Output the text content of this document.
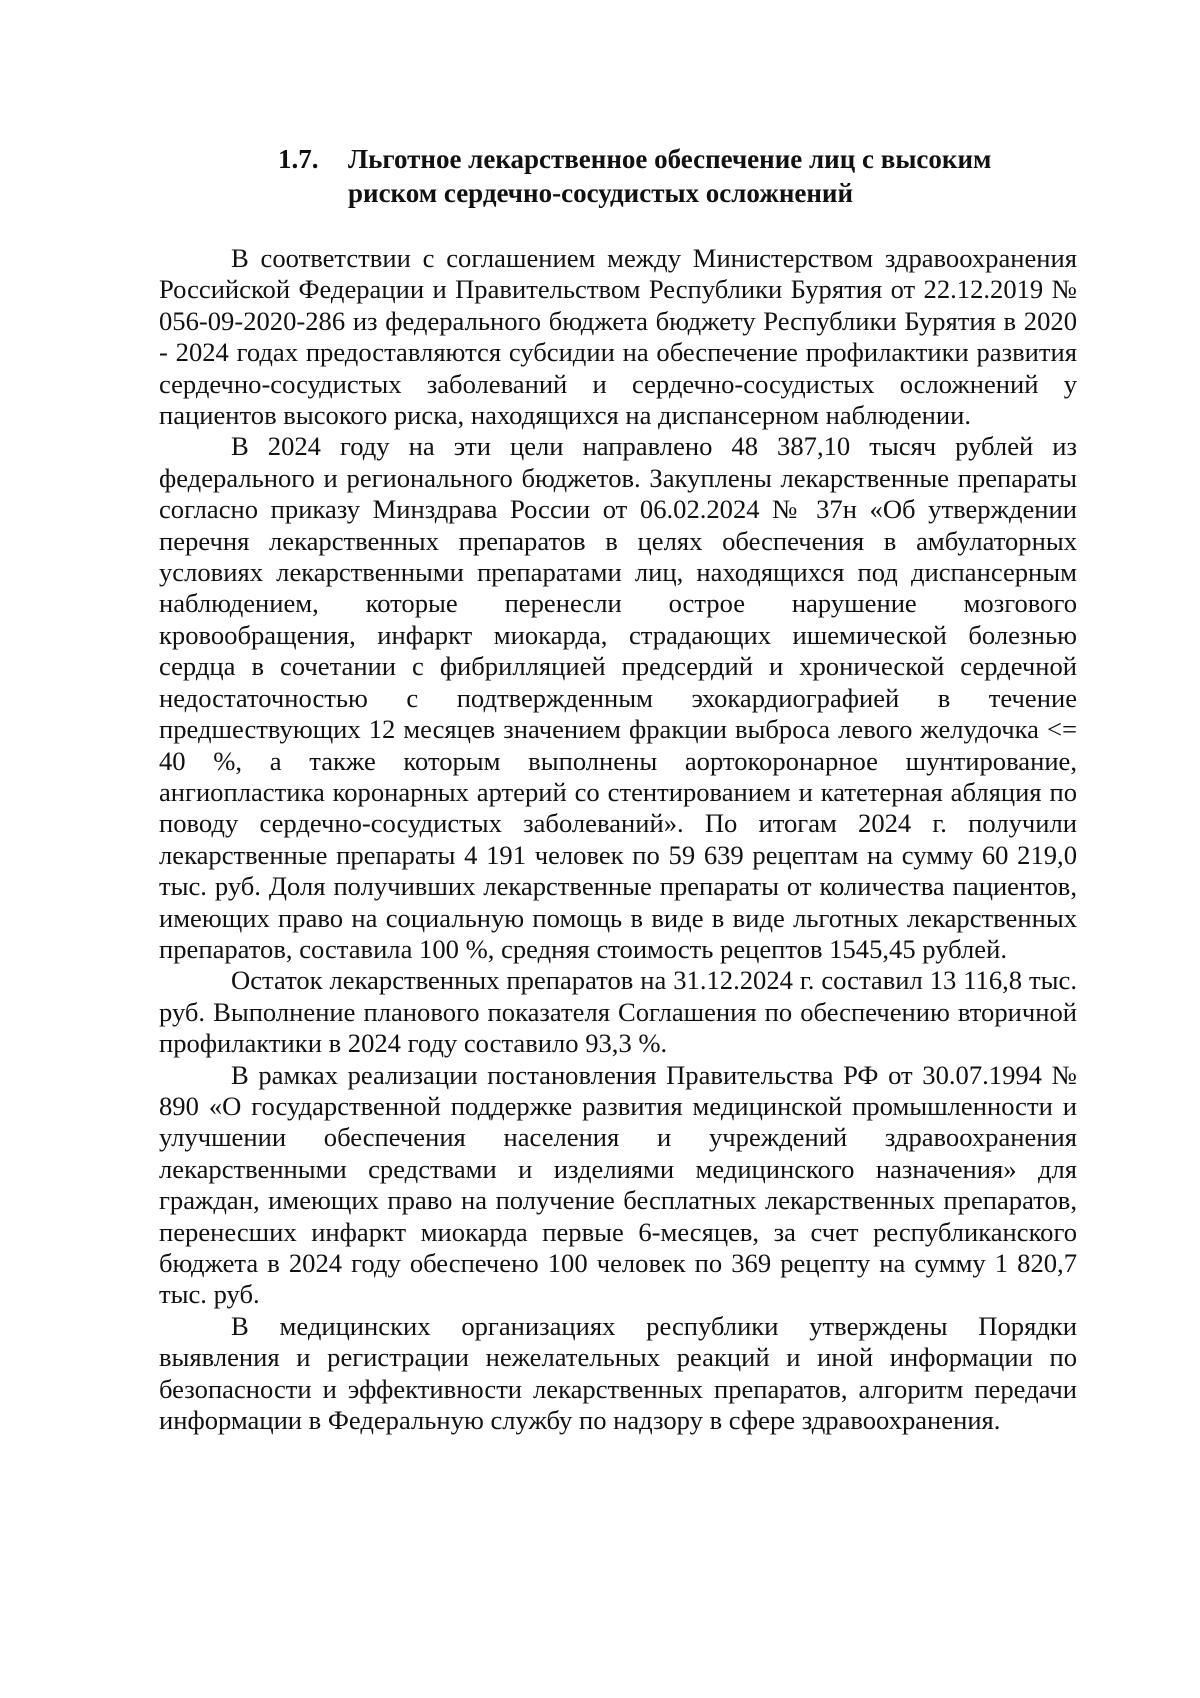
1.7.	Льготное лекарственное обеспечение лиц с высоким
риском сердечно-сосудистых осложнений

В соответствии с соглашением между Министерством здравоохранения Российской Федерации и Правительством Республики Бурятия от 22.12.2019 № 056-09-2020-286 из федерального бюджета бюджету Республики Бурятия в 2020 - 2024 годах предоставляются субсидии на обеспечение профилактики развития сердечно-сосудистых заболеваний и сердечно-сосудистых осложнений у пациентов высокого риска, находящихся на диспансерном наблюдении.

В 2024 году на эти цели направлено 48 387,10 тысяч рублей из федерального и регионального бюджетов. Закуплены лекарственные препараты согласно приказу Минздрава России от 06.02.2024 № 37н «Об утверждении перечня лекарственных препаратов в целях обеспечения в амбулаторных условиях лекарственными препаратами лиц, находящихся под диспансерным наблюдением, которые перенесли острое нарушение мозгового кровообращения, инфаркт миокарда, страдающих ишемической болезнью сердца в сочетании с фибрилляцией предсердий и хронической сердечной недостаточностью с подтвержденным эхокардиографией в течение предшествующих 12 месяцев значением фракции выброса левого желудочка <= 40 %, а также которым выполнены аортокоронарное шунтирование, ангиопластика коронарных артерий со стентированием и катетерная абляция по поводу сердечно-сосудистых заболеваний». По итогам 2024 г. получили лекарственные препараты 4 191 человек по 59 639 рецептам на сумму 60 219,0 тыс. руб. Доля получивших лекарственные препараты от количества пациентов, имеющих право на социальную помощь в виде в виде льготных лекарственных препаратов, составила 100 %, средняя стоимость рецептов 1545,45 рублей.

Остаток лекарственных препаратов на 31.12.2024 г. составил 13 116,8 тыс. руб. Выполнение планового показателя Соглашения по обеспечению вторичной профилактики в 2024 году составило 93,3 %.

В рамках реализации постановления Правительства РФ от 30.07.1994 № 890 «О государственной поддержке развития медицинской промышленности и улучшении обеспечения населения и учреждений здравоохранения лекарственными средствами и изделиями медицинского назначения» для граждан, имеющих право на получение бесплатных лекарственных препаратов, перенесших инфаркт миокарда первые 6-месяцев, за счет республиканского бюджета в 2024 году обеспечено 100 человек по 369 рецепту на сумму 1 820,7 тыс. руб.

В медицинских организациях республики утверждены Порядки выявления и регистрации нежелательных реакций и иной информации по безопасности и эффективности лекарственных препаратов, алгоритм передачи информации в Федеральную службу по надзору в сфере здравоохранения.
